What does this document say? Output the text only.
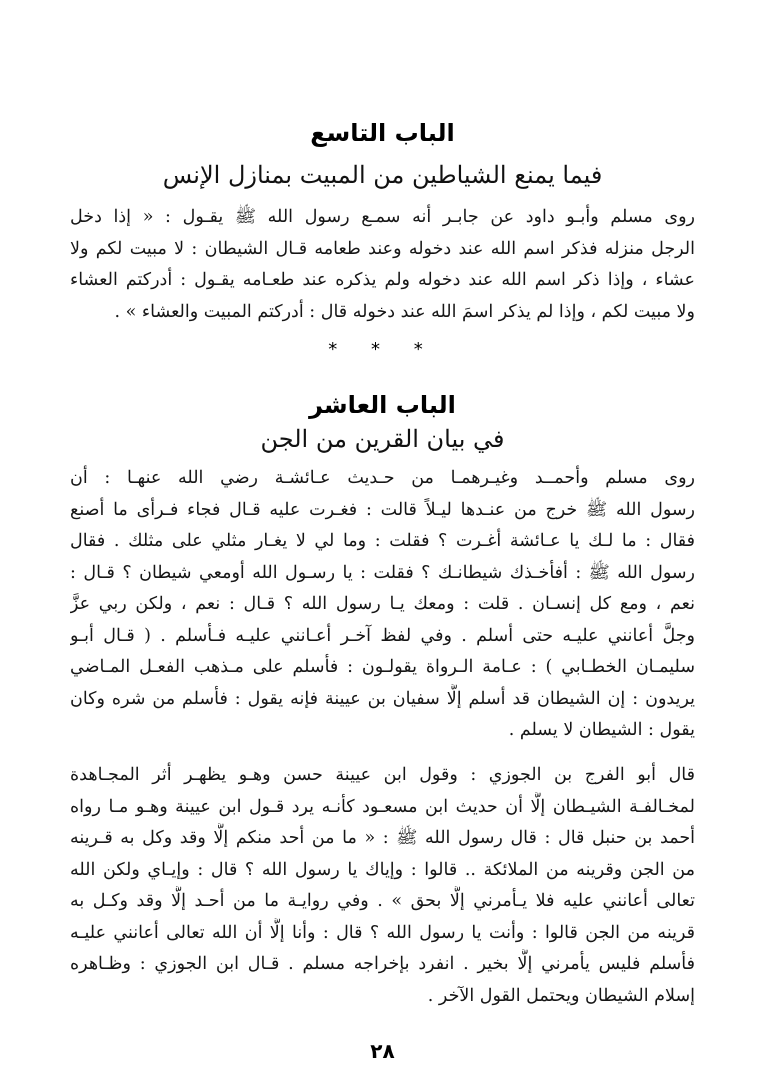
الباب التاسع
فيما يمنع الشياطين من المبيت بمنازل الإنس
روى مسلم وأبـو داود عن جابـر أنه سمـع رسول الله ﷺ يقـول : « إذا دخل
الرجل منزله فذكر اسم الله عند دخوله وعند طعامه قـال الشيطان : لا مبيت لكم ولا
عشاء ، وإذا ذكر اسم الله عند دخوله ولم يذكره عند طعـامه يقـول : أدركتم العشاء
ولا مبيت لكم ، وإذا لم يذكر اسمَ الله عند دخوله قال : أدركتم المبيت والعشاء » .
* * *
الباب العاشر
في بيان القرين من الجن
روى مسلم وأحمــد وغيـرهمـا من حـديث عـائشـة رضي الله عنهـا : أن
رسول الله ﷺ خرج من عنـدها ليـلاً قالت : فغـرت عليه قـال فجاء فـرأى ما أصنع
فقال : ما لـك يا عـائشة أغـرت ؟ فقلت : وما لي لا يغـار مثلي على مثلك . فقال
رسول الله ﷺ : أفأخـذك شيطانـك ؟ فقلت : يا رسـول الله أومعي شيطان ؟ قـال :
نعم ، ومع كل إنسـان . قلت : ومعك يـا رسول الله ؟ قـال : نعم ، ولكن ربي عزَّ
وجلَّ أعانني عليـه حتى أسلم . وفي لفظ آخـر أعـانني عليـه فـأسلم . ( قـال أبـو
سليمـان الخطـابي ) : عـامة الـرواة يقولـون : فأسلم على مـذهب الفعـل المـاضي
يريدون : إن الشيطان قد أسلم إلَّا سفيان بن عيينة فإنه يقول : فأسلم من شره وكان
يقول : الشيطان لا يسلم .
قال أبو الفرج بن الجوزي : وقول ابن عيينة حسن وهـو يظهـر أثر المجـاهدة
لمخـالفـة الشيـطان إلَّا أن حديث ابن مسعـود كأنـه يرد قـول ابن عيينة وهـو مـا رواه
أحمد بن حنبل قال : قال رسول الله ﷺ : « ما من أحد منكم إلَّا وقد وكل به قـرينه
من الجن وقرينه من الملائكة .. قالوا : وإياك يا رسول الله ؟ قال : وإيـاي ولكن الله
تعالى أعانني عليه فلا يـأمرني إلَّا بحق » . وفي روايـة ما من أحـد إلَّا وقد وكـل به
قرينه من الجن قالوا : وأنت يا رسول الله ؟ قال : وأنا إلَّا أن الله تعالى أعانني عليـه
فأسلم فليس يأمرني إلَّا بخير . انفرد بإخراجه مسلم . قـال ابن الجوزي : وظـاهره
إسلام الشيطان ويحتمل القول الآخر .
٢٨
